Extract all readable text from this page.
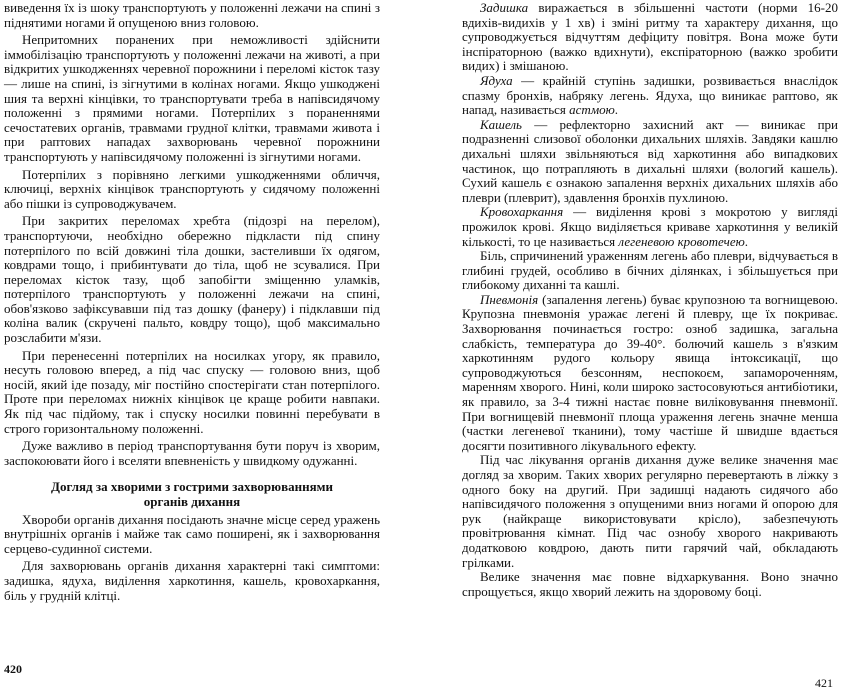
виведення їх із шоку транспортують у положенні лежачи на спині з піднятими ногами й опущеною вниз головою.

Непритомних поранених при неможливості здійснити іммобілізацію транспортують у положенні лежачи на животі, а при відкритих ушкодженнях черевної порожнини і переломі кісток тазу — лише на спині, із зігнутими в колінах ногами. Якщо ушкоджені шия та верхні кінцівки, то транспортувати треба в напівсидячому положенні з прямими ногами. Потерпілих з пораненнями сечостатевих органів, травмами грудної клітки, травмами живота і при раптових нападах захворювань черевної порожнини транспортують у напівсидячому положенні із зігнутими ногами.

Потерпілих з порівняно легкими ушкодженнями обличчя, ключиці, верхніх кінцівок транспортують у сидячому положенні або пішки із супроводжувачем.

При закритих переломах хребта (підозрі на перелом), транспортуючи, необхідно обережно підкласти під спину потерпілого по всій довжині тіла дошки, застеливши їх одягом, ковдрами тощо, і прибинтувати до тіла, щоб не зсувалися. При переломах кісток тазу, щоб запобігти зміщенню уламків, потерпілого транспортують у положенні лежачи на спині, обов'язково зафіксувавши під таз дошку (фанеру) і підклавши під коліна валик (скручені пальто, ковдру тощо), щоб максимально розслабити м'язи.

При перенесенні потерпілих на носилках угору, як правило, несуть головою вперед, а під час спуску — головою вниз, щоб носій, який іде позаду, міг постійно спостерігати стан потерпілого. Проте при переломах нижніх кінцівок це краще робити навпаки. Як під час підйому, так і спуску носилки повинні перебувати в строго горизонтальному положенні.

Дуже важливо в період транспортування бути поруч із хворим, заспокоювати його і вселяти впевненість у швидкому одужанні.

Догляд за хворими з гострими захворюваннями
органів дихання

Хвороби органів дихання посідають значне місце серед уражень внутрішніх органів і майже так само поширені, як і захворювання серцево-судинної системи.

Для захворювань органів дихання характерні такі симптоми: задишка, ядуха, виділення харкотиння, кашель, кровохаркання, біль у грудній клітці.

Задишка виражається в збільшенні частоти (норми 16-20 вдихів-видихів у 1 хв) і зміні ритму та характеру дихання, що супроводжується відчуттям дефіциту повітря. Вона може бути інспіраторною (важко вдихнути), експіраторною (важко зробити видих) і змішаною.

Ядуха — крайній ступінь задишки, розвивається внаслідок спазму бронхів, набряку легень. Ядуха, що виникає раптово, як напад, називається астмою.

Кашель — рефлекторно захисний акт — виникає при подразненні слизової оболонки дихальних шляхів. Завдяки кашлю дихальні шляхи звільняються від харкотиння або випадкових частинок, що потрапляють в дихальні шляхи (вологий кашель). Сухий кашель є ознакою запалення верхніх дихальних шляхів або плеври (плеврит), здавлення бронхів пухлиною.

Кровохаркання — виділення крові з мокротою у вигляді прожилок крові. Якщо виділяється криваве харкотиння у великій кількості, то це називається легеневою кровотечею.

Біль, спричинений ураженням легень або плеври, відчувається в глибині грудей, особливо в бічних ділянках, і збільшується при глибокому диханні та кашлі.

Пневмонія (запалення легень) буває крупозною та вогнищевою. Крупозна пневмонія уражає легені й плевру, ще їх покриває. Захворювання починається гостро: озноб задишка, загальна слабкість, температура до 39-40°. болючий кашель з в'язким харкотинням рудого кольору явища інтоксикації, що супроводжуються безсонням, неспокоєм, запамороченням, маренням хворого. Нині, коли широко застосовуються антибіотики, як правило, за 3-4 тижні настає повне виліковування пневмонії. При вогнищевій пневмонії площа ураження легень значне менша (частки легеневої тканини), тому частіше й швидше вдається досягти позитивного лікувального ефекту.

Під час лікування органів дихання дуже велике значення має догляд за хворим. Таких хворих регулярно перевертають в ліжку з одного боку на другий. При задишці надають сидячого або напівсидячого положення з опущеними вниз ногами й опорою для рук (найкраще використовувати крісло), забезпечують провітрювання кімнат. Під час ознобу хворого накривають додатковою ковдрою, дають пити гарячий чай, обкладають грілками.

Велике значення має повне відхаркування. Воно значно спрощується, якщо хворий лежить на здоровому боці.

420
421
